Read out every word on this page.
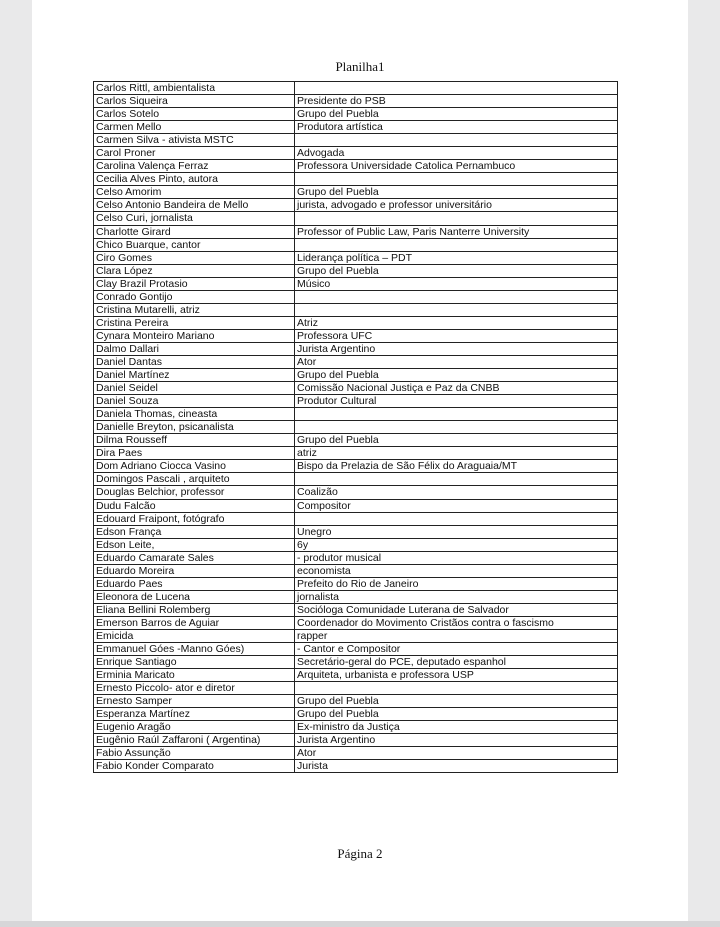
Planilha1
Carlos Rittl, ambientalista	
Carlos Siqueira	Presidente do PSB
Carlos Sotelo	Grupo del Puebla
Carmen Mello	Produtora artística
Carmen Silva - ativista MSTC	
Carol Proner	Advogada
Carolina Valença Ferraz	Professora Universidade Catolica Pernambuco
Cecilia Alves Pinto, autora	
Celso Amorim	Grupo del Puebla
Celso Antonio Bandeira de Mello	jurista, advogado e professor universitário
Celso Curi, jornalista	
Charlotte Girard	Professor of Public Law, Paris Nanterre University
Chico Buarque, cantor	
Ciro Gomes	Liderança política – PDT
Clara López	Grupo del Puebla
Clay Brazil Protasio	Músico
Conrado Gontijo	
Cristina Mutarelli, atriz	
Cristina Pereira	Atriz
Cynara Monteiro Mariano	Professora UFC
Dalmo Dallari	Jurista Argentino
Daniel Dantas	Ator
Daniel Martínez	Grupo del Puebla
Daniel Seidel	Comissão Nacional Justiça e Paz da CNBB
Daniel Souza	Produtor Cultural
Daniela Thomas, cineasta	
Danielle Breyton, psicanalista	
Dilma Rousseff	Grupo del Puebla
Dira Paes	atriz
Dom Adriano Ciocca Vasino	Bispo da Prelazia de São Félix do Araguaia/MT
Domingos Pascali , arquiteto	
Douglas Belchior, professor	Coalizão
Dudu Falcão	Compositor
Edouard Fraipont, fotógrafo	
Edson França	Unegro
Edson Leite,	6y
Eduardo Camarate Sales	- produtor musical
Eduardo Moreira	economista
Eduardo Paes	Prefeito do Rio de Janeiro
Eleonora de Lucena	jornalista
Eliana Bellini Rolemberg	Socióloga Comunidade Luterana de Salvador
Emerson Barros de Aguiar	Coordenador do Movimento Cristãos contra o fascismo
Emicida	rapper
Emmanuel Góes -Manno Góes)	- Cantor e Compositor
Enrique Santiago	Secretário-geral do PCE, deputado espanhol
Erminia Maricato	Arquiteta, urbanista e professora USP
Ernesto Piccolo- ator e diretor	
Ernesto Samper	Grupo del Puebla
Esperanza Martínez	Grupo del Puebla
Eugenio Aragão	Ex-ministro da Justiça
Eugênio Raúl Zaffaroni ( Argentina)	Jurista Argentino
Fabio Assunção	Ator
Fabio Konder Comparato	Jurista
Página 2
